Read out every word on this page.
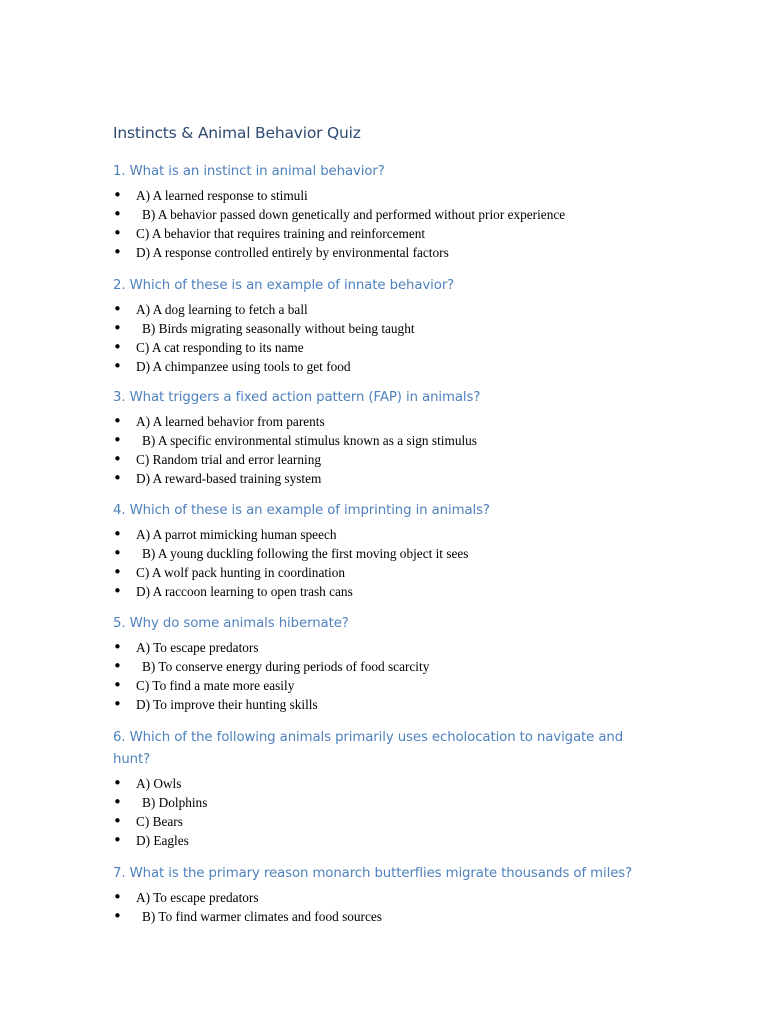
Instincts & Animal Behavior Quiz

1. What is an instinct in animal behavior?

• A) A learned response to stimuli
• B) A behavior passed down genetically and performed without prior experience
• C) A behavior that requires training and reinforcement
• D) A response controlled entirely by environmental factors

2. Which of these is an example of innate behavior?

• A) A dog learning to fetch a ball
• B) Birds migrating seasonally without being taught
• C) A cat responding to its name
• D) A chimpanzee using tools to get food

3. What triggers a fixed action pattern (FAP) in animals?

• A) A learned behavior from parents
• B) A specific environmental stimulus known as a sign stimulus
• C) Random trial and error learning
• D) A reward-based training system

4. Which of these is an example of imprinting in animals?

• A) A parrot mimicking human speech
• B) A young duckling following the first moving object it sees
• C) A wolf pack hunting in coordination
• D) A raccoon learning to open trash cans

5. Why do some animals hibernate?

• A) To escape predators
• B) To conserve energy during periods of food scarcity
• C) To find a mate more easily
• D) To improve their hunting skills

6. Which of the following animals primarily uses echolocation to navigate and hunt?

• A) Owls
• B) Dolphins
• C) Bears
• D) Eagles

7. What is the primary reason monarch butterflies migrate thousands of miles?

• A) To escape predators
• B) To find warmer climates and food sources
